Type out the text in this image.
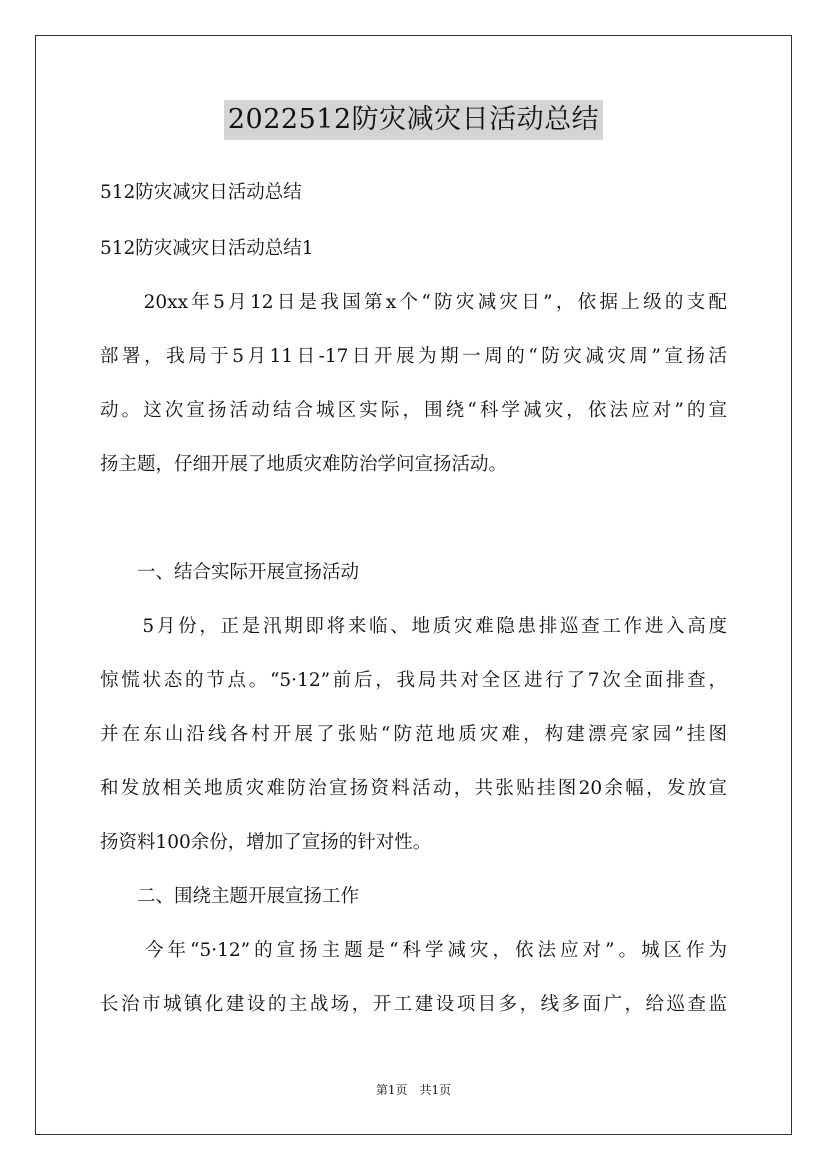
2022512防灾减灾日活动总结
512防灾减灾日活动总结
512防灾减灾日活动总结1
　　20xx年5月12日是我国第x个“防灾减灾日”，依据上级的支配
部署，我局于5月11日-17日开展为期一周的“防灾减灾周”宣扬活
动。这次宣扬活动结合城区实际，围绕“科学减灾，依法应对”的宣
扬主题，仔细开展了地质灾难防治学问宣扬活动。
　　一、结合实际开展宣扬活动
　　5月份，正是汛期即将来临、地质灾难隐患排巡查工作进入高度
惊慌状态的节点。“5·12”前后，我局共对全区进行了7次全面排查，
并在东山沿线各村开展了张贴“防范地质灾难，构建漂亮家园”挂图
和发放相关地质灾难防治宣扬资料活动，共张贴挂图20余幅，发放宣
扬资料100余份，增加了宣扬的针对性。
　　二、围绕主题开展宣扬工作
　　今年“5·12”的宣扬主题是“科学减灾，依法应对”。城区作为
长治市城镇化建设的主战场，开工建设项目多，线多面广，给巡查监
第1页　共1页
